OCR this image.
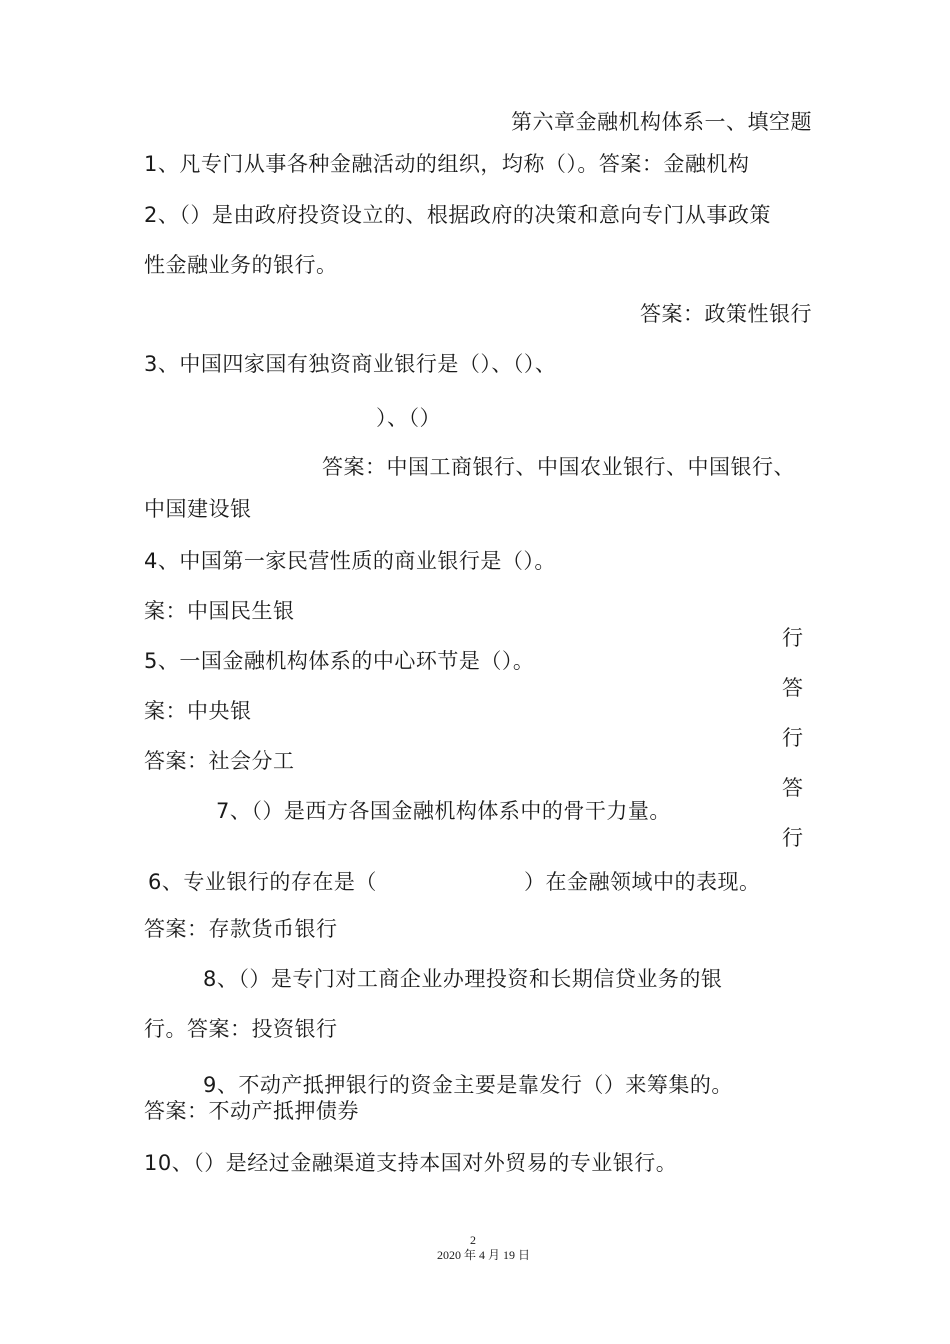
第六章金融机构体系一、填空题
1、凡专门从事各种金融活动的组织，均称（）。答案：金融机构
2、（）是由政府投资设立的、根据政府的决策和意向专门从事政策
性金融业务的银行。
答案：政策性银行
3、中国四家国有独资商业银行是（）、（）、
）、（）
答案：中国工商银行、中国农业银行、中国银行、
中国建设银
4、中国第一家民营性质的商业银行是（）。
案：中国民生银
行
5、一国金融机构体系的中心环节是（）。
答
案：中央银
行
答案：社会分工
答
7、（）是西方各国金融机构体系中的骨干力量。
行
6、专业银行的存在是（	）在金融领域中的表现。
答案：存款货币银行
8、（）是专门对工商企业办理投资和长期信贷业务的银
行。答案：投资银行
9、不动产抵押银行的资金主要是靠发行（）来筹集的。
答案：不动产抵押债券
10、（）是经过金融渠道支持本国对外贸易的专业银行。
2
2020 年 4 月 19 日
